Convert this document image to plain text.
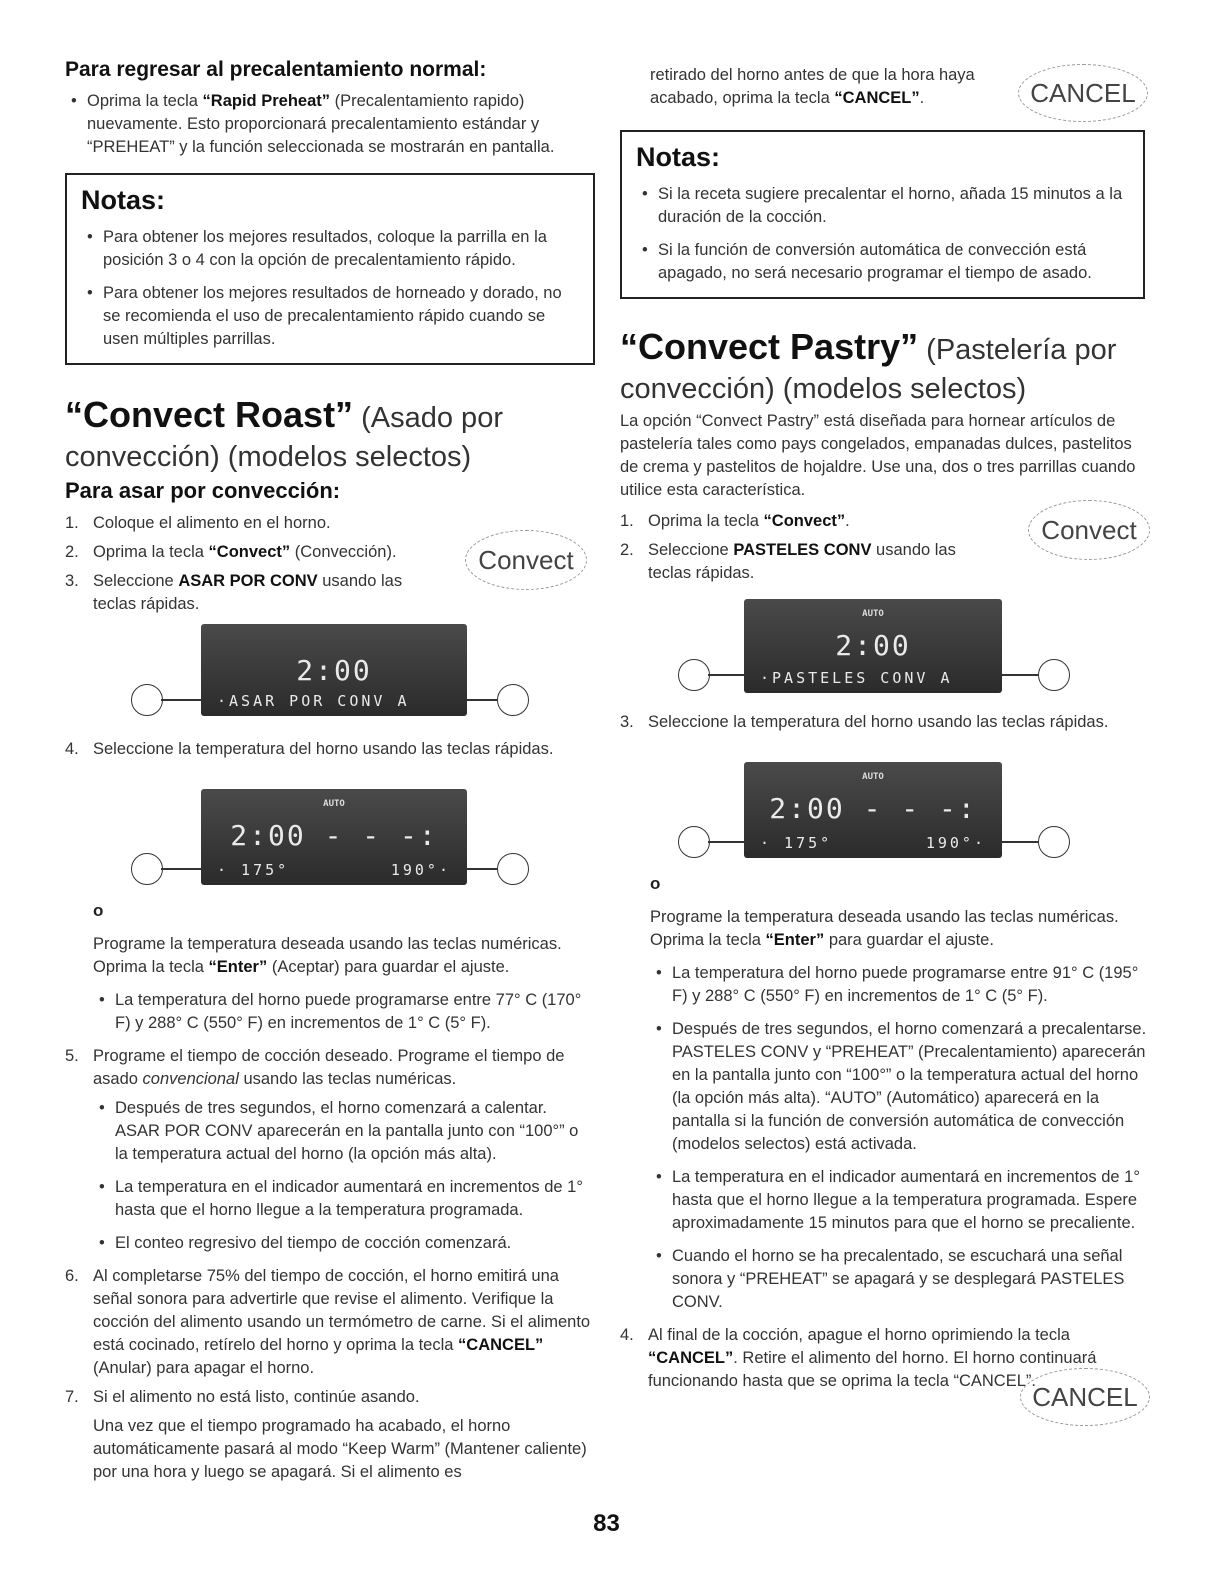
Para regresar al precalentamiento normal:

• Oprima la tecla “Rapid Preheat” (Precalentamiento rapido) nuevamente. Esto proporcionará precalentamiento estándar y “PREHEAT” y la función seleccionada se mostrarán en pantalla.

Notas:

• Para obtener los mejores resultados, coloque la parrilla en la posición 3 o 4 con la opción de precalentamiento rápido.

• Para obtener los mejores resultados de horneado y dorado, no se recomienda el uso de precalentamiento rápido cuando se usen múltiples parrillas.

“Convect Roast” (Asado por
convección) (modelos selectos)
Para asar por convección:

1. Coloque el alimento en el horno.

2. Oprima la tecla “Convect” (Convección).

3. Seleccione ASAR POR CONV usando las teclas rápidas.

Convect
2:00
·ASAR POR CONV A

4. Seleccione la temperatura del horno usando las teclas rápidas.

AUTO
2:00 - - -:
· 175°	190°·
o

Programe la temperatura deseada usando las teclas numéricas.

Oprima la tecla “Enter” (Aceptar) para guardar el ajuste.

• La temperatura del horno puede programarse entre 77° C (170° F) y 288° C (550° F) en incrementos de 1° C (5° F).

5. Programe el tiempo de cocción deseado. Programe el tiempo de asado convencional usando las teclas numéricas.

• Después de tres segundos, el horno comenzará a calentar. ASAR POR CONV aparecerán en la pantalla junto con “100°” o la temperatura actual del horno (la opción más alta).

• La temperatura en el indicador aumentará en incrementos de 1° hasta que el horno llegue a la temperatura programada.

• El conteo regresivo del tiempo de cocción comenzará.

6. Al completarse 75% del tiempo de cocción, el horno emitirá una señal sonora para advertirle que revise el alimento. Verifique la cocción del alimento usando un termómetro de carne. Si el alimento está cocinado, retírelo del horno y oprima la tecla “CANCEL” (Anular) para apagar el horno.

7. Si el alimento no está listo, continúe asando.

Una vez que el tiempo programado ha acabado, el horno automáticamente pasará al modo “Keep Warm” (Mantener caliente) por una hora y luego se apagará. Si el alimento es

retirado del horno antes de que la hora haya acabado, oprima la tecla “CANCEL”.	CANCEL
Notas:

• Si la receta sugiere precalentar el horno, añada 15 minutos a la duración de la cocción.

• Si la función de conversión automática de convección está apagado, no será necesario programar el tiempo de asado.

“Convect Pastry” (Pastelería por
convección) (modelos selectos)

La opción “Convect Pastry” está diseñada para hornear artículos de pastelería tales como pays congelados, empanadas dulces, pastelitos de crema y pastelitos de hojaldre. Use una, dos o tres parrillas cuando utilice esta característica.

1. Oprima la tecla “Convect”.

2. Seleccione PASTELES CONV usando las teclas rápidas.

Convect
AUTO
2:00
·PASTELES CONV A

3. Seleccione la temperatura del horno usando las teclas rápidas.

AUTO
2:00 - - -:
· 175°	190°·
o

Programe la temperatura deseada usando las teclas numéricas.

Oprima la tecla “Enter” para guardar el ajuste.

• La temperatura del horno puede programarse entre 91° C (195° F) y 288° C (550° F) en incrementos de 1° C (5° F).

• Después de tres segundos, el horno comenzará a precalentarse. PASTELES CONV y “PREHEAT” (Precalentamiento) aparecerán en la pantalla junto con “100°” o la temperatura actual del horno (la opción más alta). “AUTO” (Automático) aparecerá en la pantalla si la función de conversión automática de convección (modelos selectos) está activada.

• La temperatura en el indicador aumentará en incrementos de 1° hasta que el horno llegue a la temperatura programada. Espere aproximadamente 15 minutos para que el horno se precaliente.

• Cuando el horno se ha precalentado, se escuchará una señal sonora y “PREHEAT” se apagará y se desplegará PASTELES CONV.

4. Al final de la cocción, apague el horno oprimiendo la tecla “CANCEL”. Retire el alimento del horno. El horno continuará funcionando hasta que se oprima la tecla “CANCEL”.

CANCEL
83
